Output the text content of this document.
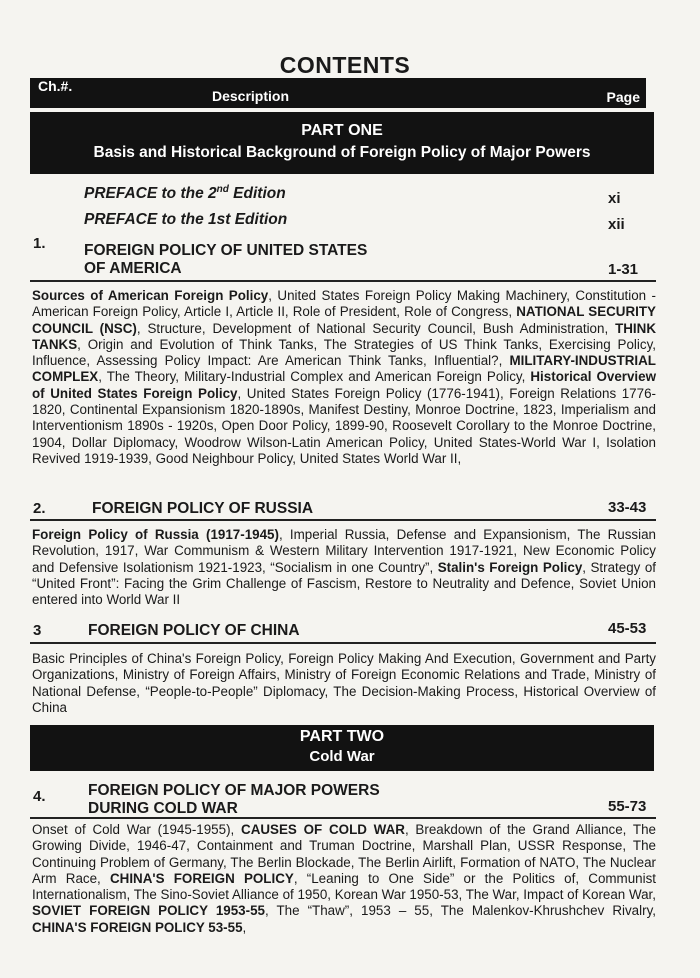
CONTENTS
Ch.#.
Description	Page
PART ONE
Basis and Historical Background of Foreign Policy of Major Powers
PREFACE to the 2nd Edition	xi
PREFACE to the 1st Edition	xii
1. FOREIGN POLICY OF UNITED STATES
OF AMERICA	1-31
Sources of American Foreign Policy, United States Foreign Policy Making Machinery, Constitution - American Foreign Policy, Article I, Article II, Role of President, Role of Congress, NATIONAL SECURITY COUNCIL (NSC), Structure, Development of National Security Council, Bush Administration, THINK TANKS, Origin and Evolution of Think Tanks, The Strategies of US Think Tanks, Exercising Policy, Influence, Assessing Policy Impact: Are American Think Tanks, Influential?, MILITARY-INDUSTRIAL COMPLEX, The Theory, Military-Industrial Complex and American Foreign Policy, Historical Overview of United States Foreign Policy, United States Foreign Policy (1776-1941), Foreign Relations 1776-1820, Continental Expansionism 1820-1890s, Manifest Destiny, Monroe Doctrine, 1823, Imperialism and Interventionism 1890s - 1920s, Open Door Policy, 1899-90, Roosevelt Corollary to the Monroe Doctrine, 1904, Dollar Diplomacy, Woodrow Wilson-Latin American Policy, United States-World War I, Isolation Revived 1919-1939, Good Neighbour Policy, United States World War II,
2.	FOREIGN POLICY OF RUSSIA	33-43
Foreign Policy of Russia (1917-1945), Imperial Russia, Defense and Expansionism, The Russian Revolution, 1917, War Communism & Western Military Intervention 1917-1921, New Economic Policy and Defensive Isolationism 1921-1923, “Socialism in one Country”, Stalin's Foreign Policy, Strategy of “United Front”: Facing the Grim Challenge of Fascism, Restore to Neutrality and Defence, Soviet Union entered into World War II
3	FOREIGN POLICY OF CHINA	45-53
Basic Principles of China's Foreign Policy, Foreign Policy Making And Execution, Government and Party Organizations, Ministry of Foreign Affairs, Ministry of Foreign Economic Relations and Trade, Ministry of National Defense, “People-to-People” Diplomacy, The Decision-Making Process, Historical Overview of China
PART TWO
Cold War
4.	FOREIGN POLICY OF MAJOR POWERS
DURING COLD WAR	55-73
Onset of Cold War (1945-1955), CAUSES OF COLD WAR, Breakdown of the Grand Alliance, The Growing Divide, 1946-47, Containment and Truman Doctrine, Marshall Plan, USSR Response, The Continuing Problem of Germany, The Berlin Blockade, The Berlin Airlift, Formation of NATO, The Nuclear Arm Race, CHINA'S FOREIGN POLICY, “Leaning to One Side” or the Politics of, Communist Internationalism, The Sino-Soviet Alliance of 1950, Korean War 1950-53, The War, Impact of Korean War, SOVIET FOREIGN POLICY 1953-55, The “Thaw”, 1953 – 55, The Malenkov-Khrushchev Rivalry, CHINA'S FOREIGN POLICY 53-55,
